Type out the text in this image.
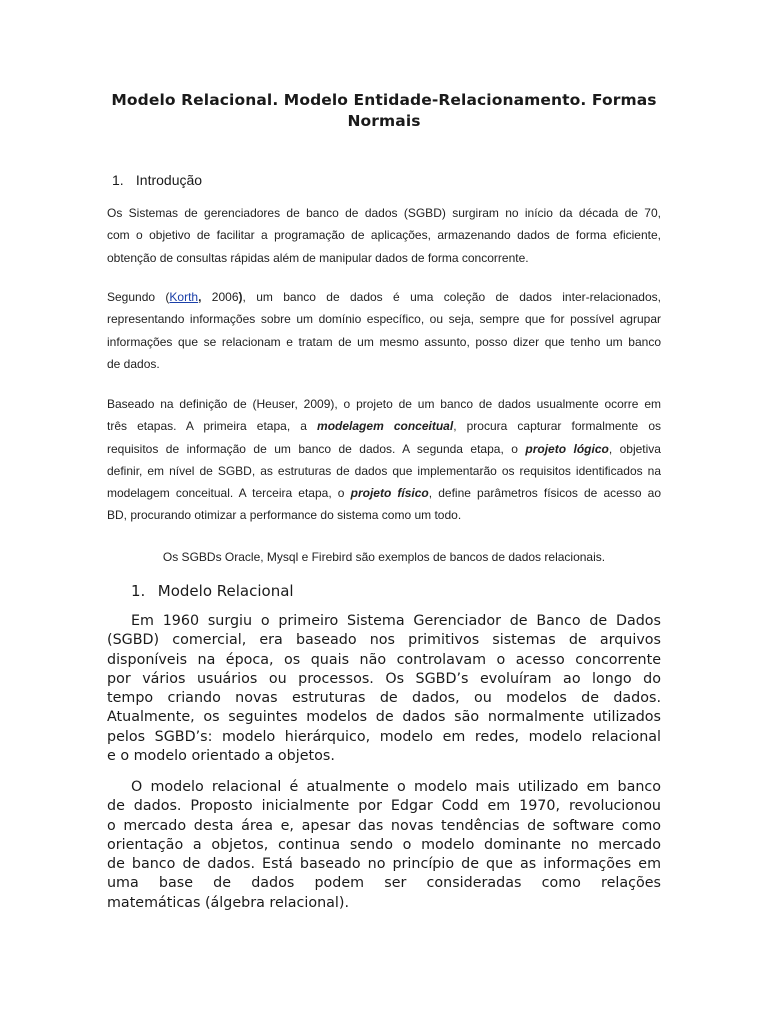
Modelo Relacional. Modelo Entidade-Relacionamento. Formas Normais
1. Introdução
Os Sistemas de gerenciadores de banco de dados (SGBD) surgiram no início da década de 70,
com o objetivo de facilitar a programação de aplicações, armazenando dados de forma eficiente,
obtenção de consultas rápidas além de manipular dados de forma concorrente.
Segundo (Korth, 2006), um banco de dados é uma coleção de dados inter-relacionados,
representando informações sobre um domínio específico, ou seja, sempre que for possível agrupar
informações que se relacionam e tratam de um mesmo assunto, posso dizer que tenho um banco
de dados.
Baseado na definição de (Heuser, 2009), o projeto de um banco de dados usualmente ocorre em
três etapas. A primeira etapa, a modelagem conceitual, procura capturar formalmente os
requisitos de informação de um banco de dados. A segunda etapa, o projeto lógico, objetiva
definir, em nível de SGBD, as estruturas de dados que implementarão os requisitos identificados na
modelagem conceitual. A terceira etapa, o projeto físico, define parâmetros físicos de acesso ao
BD, procurando otimizar a performance do sistema como um todo.
Os SGBDs Oracle, Mysql e Firebird são exemplos de bancos de dados relacionais.
1. Modelo Relacional
Em 1960 surgiu o primeiro Sistema Gerenciador de Banco de Dados
(SGBD) comercial, era baseado nos primitivos sistemas de arquivos
disponíveis na época, os quais não controlavam o acesso concorrente
por vários usuários ou processos. Os SGBD’s evoluíram ao longo do
tempo criando novas estruturas de dados, ou modelos de dados.
Atualmente, os seguintes modelos de dados são normalmente utilizados
pelos SGBD’s: modelo hierárquico, modelo em redes, modelo relacional
e o modelo orientado a objetos.
O modelo relacional é atualmente o modelo mais utilizado em banco
de dados. Proposto inicialmente por Edgar Codd em 1970, revolucionou
o mercado desta área e, apesar das novas tendências de software como
orientação a objetos, continua sendo o modelo dominante no mercado
de banco de dados. Está baseado no princípio de que as informações em
uma base de dados podem ser consideradas como relações
matemáticas (álgebra relacional).
